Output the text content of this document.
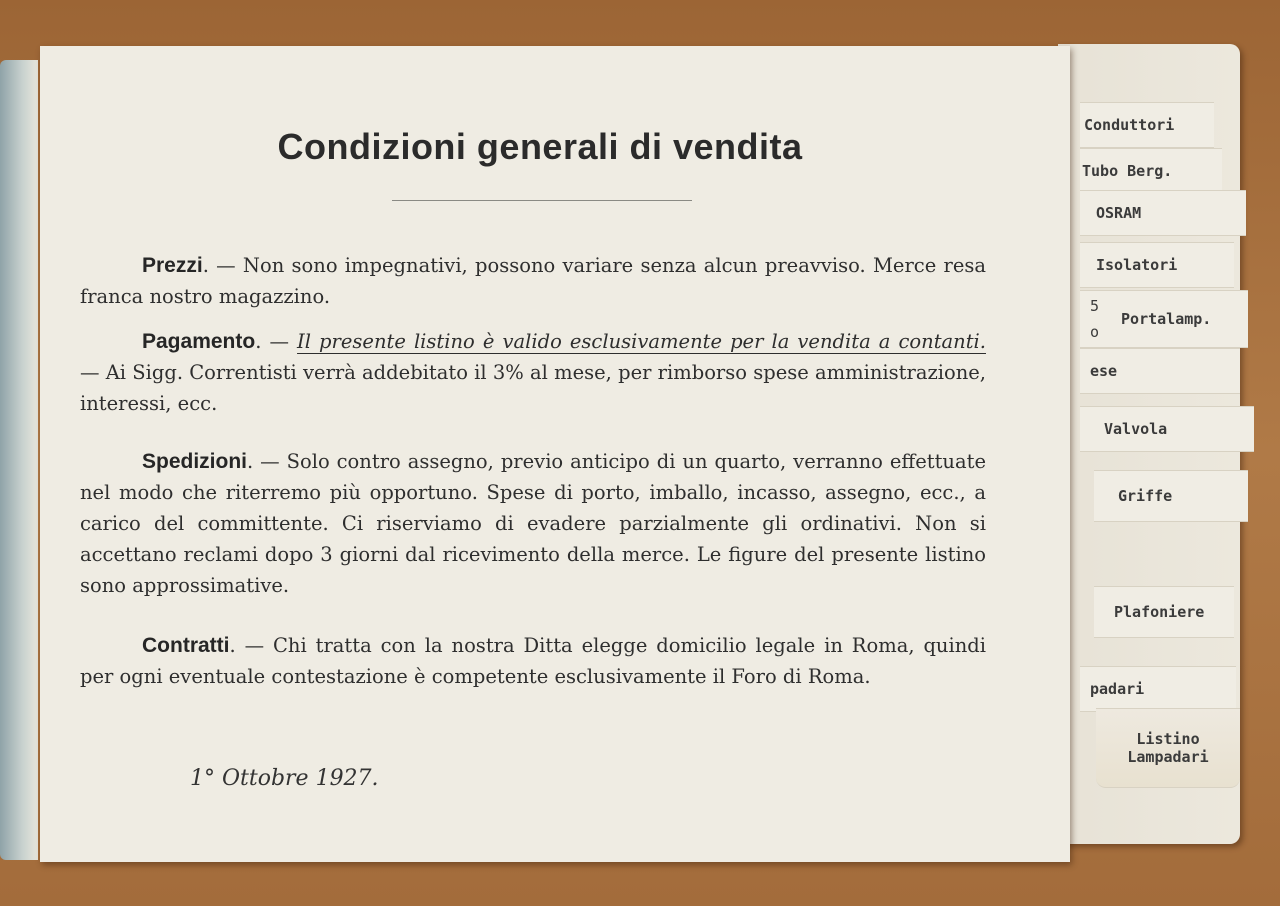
Conduttori
Tubo Berg.
OSRAM
Isolatori
5
o
Portalamp.
ese
Valvola
Griffe
Plafoniere
padari
Listino
Lampadari
Condizioni generali di vendita
Prezzi. — Non sono impegnativi, possono variare senza alcun preavviso. Merce resa franca nostro magazzino.
Pagamento. — Il presente listino è valido esclusivamente per la vendita a contanti. — Ai Sigg. Correntisti verrà addebitato il 3% al mese, per rimborso spese amministrazione, interessi, ecc.
Spedizioni. — Solo contro assegno, previo anticipo di un quarto, verranno effettuate nel modo che riterremo più opportuno. Spese di porto, imballo, incasso, assegno, ecc., a carico del committente. Ci riserviamo di evadere parzialmente gli ordinativi. Non si accettano reclami dopo 3 giorni dal ricevimento della merce. Le figure del presente listino sono approssimative.
Contratti. — Chi tratta con la nostra Ditta elegge domicilio legale in Roma, quindi per ogni eventuale contestazione è competente esclusivamente il Foro di Roma.
1° Ottobre 1927.
